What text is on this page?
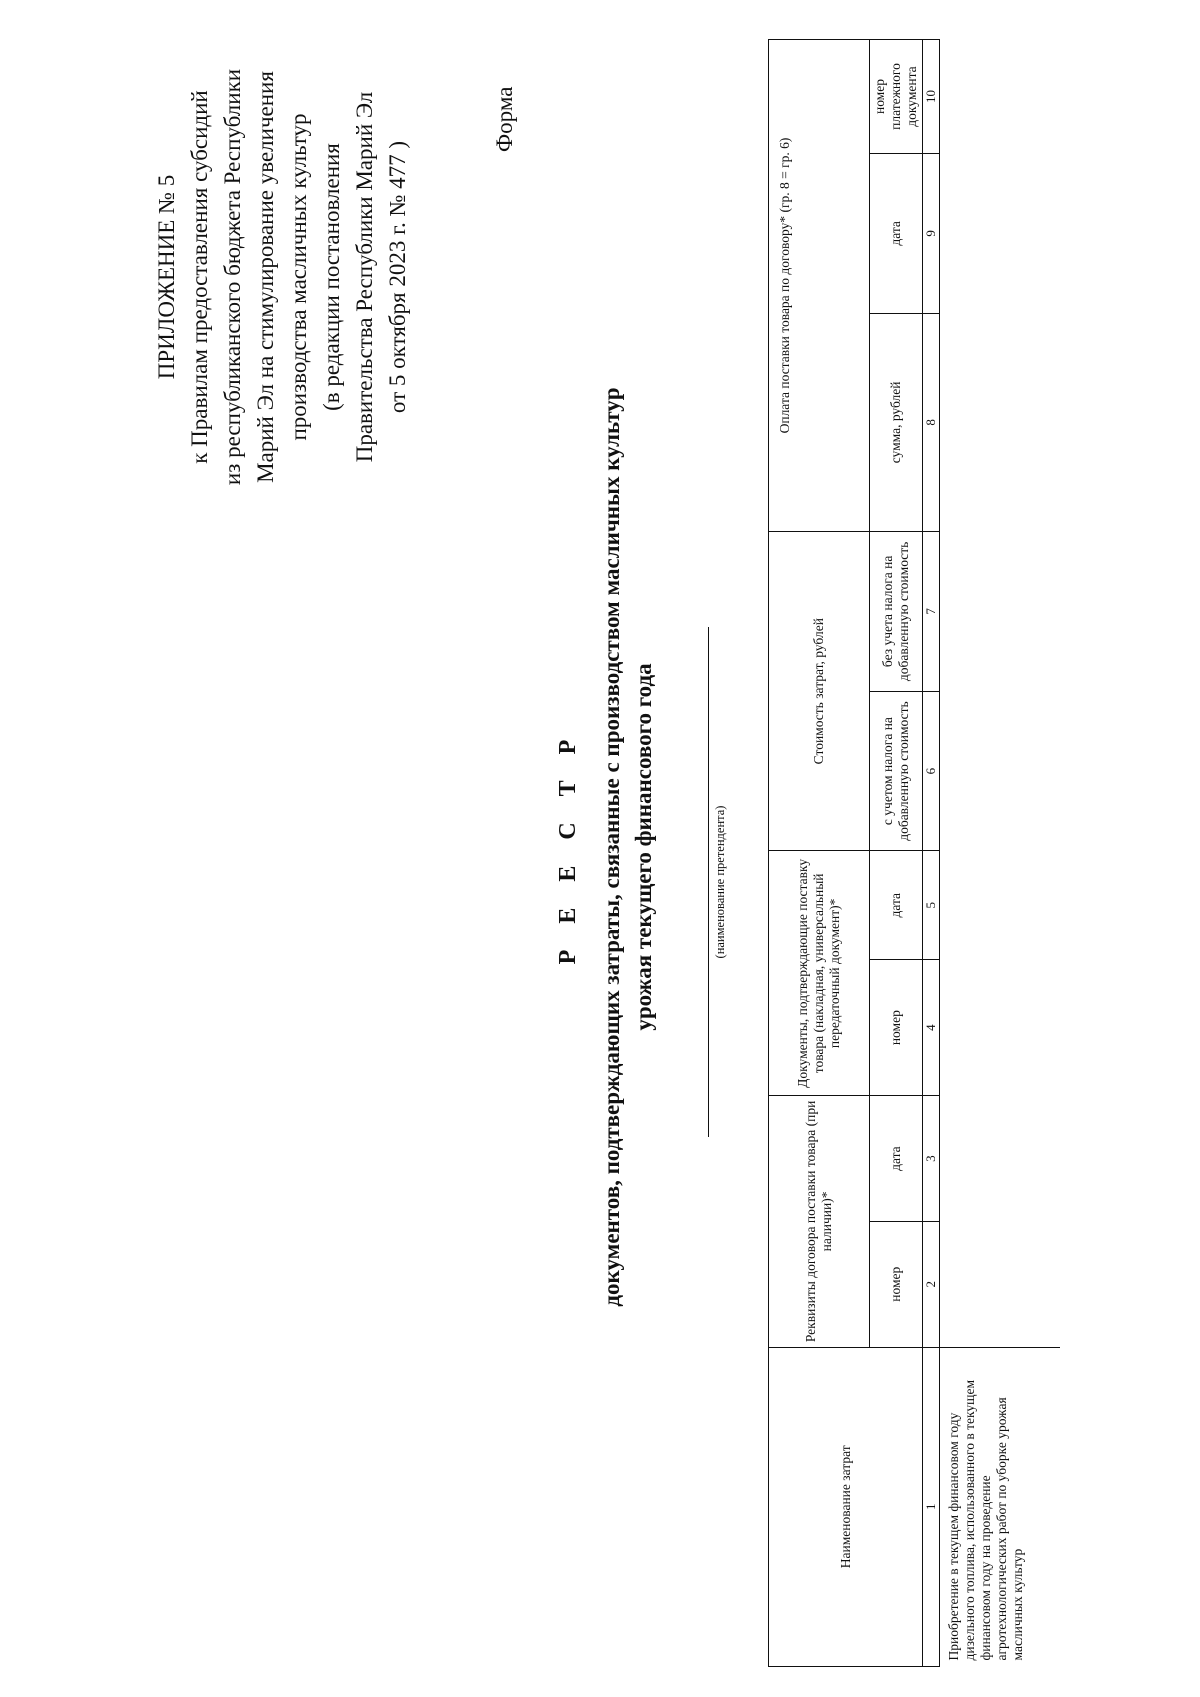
ПРИЛОЖЕНИЕ № 5 к Правилам предоставления субсидий из республиканского бюджета Республики Марий Эл на стимулирование увеличения производства масличных культур (в редакции постановления Правительства Республики Марий Эл от 5 октября 2023 г. № 477 )
Форма
Р Е Е С Т Р документов, подтверждающих затраты, связанные с производством масличных культур урожая текущего финансового года	(наименование претендента)
Наименование затрат	Реквизиты договора поставки товара (при наличии)*		Документы, подтверждающие поставку товара (накладная, универсальный передаточный документ)*		Стоимость затрат, рублей		Оплата поставки товара по договору* (гр. 8 = гр. 6)		
	номер	дата	номер	дата	с учетом налога на добавленную стоимость	без учета налога на добавленную стоимость	сумма, рублей	дата	номер платежного документа
1	2	3	4	5	6	7	8	9	10
Приобретение в текущем финансовом году дизельного топлива, использованного в текущем финансовом году на проведение агротехнологических работ по уборке урожая масличных культур									
